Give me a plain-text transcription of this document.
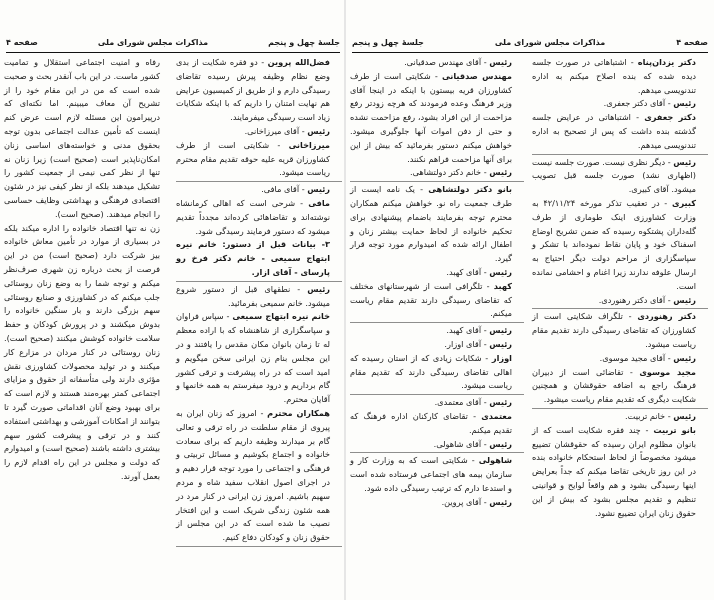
جلسهٔ چهل و پنجم
مذاکرات مجلس شورای ملی
صفحه ۴

فضل‌الله پروین - دو فقره شکایت از بدی وضع نظام وظیفه پیرش رسیده تقاضای رسیدگی دارم و از طریق از کمیسیون عرایض هم نهایت امتنان را داریم که با اینکه شکایات زیاد است رسیدگی میفرمایند.

رئیس - آقای میرزاخانی.

میرزاخانی - شکایتی است از طرف کشاورزان قریه علیه حوقه تقدیم مقام محترم ریاست میشود.

رئیس - آقای مافی.

مافی - شرحی است که اهالی کرمانشاه نوشته‌اند و تقاضاهائی کرده‌اند مجدداً تقدیم میشود که دستور فرمایند رسیدگی شود.

۳- بیانات قبل از دستور: خانم نیره ابتهاج سمیعی - خانم دکتر فرخ رو پارسای - آقای ازار.

رئیس - نطقهای قبل از دستور شروع میشود. خانم سمیعی بفرمائید.

خانم نیره ابتهاج سمیعی - سپاس فراوان و سپاسگزاری از شاهنشاه که با اراده معظم له تا زمان بانوان مکان مقدس را یافتند و در این مجلس بنام زن ایرانی سخن میگویم و امید است که در راه پیشرفت و ترقی کشور گام برداریم و درود میفرستم به همه خانمها و آقایان محترم.

همکاران محترم - امروز که زنان ایران به پیروی از مقام سلطنت در راه ترقی و تعالی گام بر میدارند وظیفه داریم که برای سعادت خانواده و اجتماع بکوشیم و مسائل تربیتی و فرهنگی و اجتماعی را مورد توجه قرار دهیم و در اجرای اصول انقلاب سفید شاه و مردم سهیم باشیم. امروز زن ایرانی در کنار مرد در همه شئون زندگی شریک است و این افتخار نصیب ما شده است که در این مجلس از حقوق زنان و کودکان دفاع کنیم.

رفاه و امنیت اجتماعی استقلال و تمامیت کشور ماست. در این باب آنقدر بحث و صحبت شده است که من در این مقام خود را از تشریح آن معاف میبینم. اما نکته‌ای که درپیرامون این مسئله لازم است عرض کنم اینست که تأمین عدالت اجتماعی بدون توجه بحقوق مدنی و خواسته‌های اساسی زنان امکان‌ناپذیر است (صحیح است) زیرا زنان نه تنها از نظر کمی نیمی از جمعیت کشور را تشکیل میدهند بلکه از نظر کیفی نیز در شئون اقتصادی فرهنگی و بهداشتی وظایف حساسی را انجام میدهند. (صحیح است).

زن نه تنها اقتصاد خانواده را اداره میکند بلکه در بسیاری از موارد در تأمین معاش خانواده بیز شرکت دارد (صحیح است) من در این فرصت از بحث درباره زن شهری صرف‌نظر میکنم و توجه شما را به وضع زنان روستائی جلب میکنم که در کشاورزی و صنایع روستائی سهم بزرگی دارند و بار سنگین خانواده را بدوش میکشند و در پرورش کودکان و حفظ سلامت خانواده کوشش میکنند (صحیح است). زنان روستائی در کنار مردان در مزارع کار میکنند و در تولید محصولات کشاورزی نقش مؤثری دارند ولی متأسفانه از حقوق و مزایای اجتماعی کمتر بهره‌مند هستند و لازم است که برای بهبود وضع آنان اقداماتی صورت گیرد تا بتوانند از امکانات آموزشی و بهداشتی استفاده کنند و در ترقی و پیشرفت کشور سهم بیشتری داشته باشند (صحیح است) و امیدوارم که دولت و مجلس در این راه اقدام لازم را بعمل آورند.

صفحه ۴
مذاکرات مجلس شورای ملی
جلسهٔ چهل و پنجم

دکتر یزدان‌پناه - اشتباهاتی در صورت جلسه دیده شده که بنده اصلاح میکنم به اداره تندنویسی میدهم.

رئیس - آقای دکتر جعفری.

دکتر جعفری - اشتباهاتی در عرایض جلسه گذشته بنده داشت که پس از تصحیح به اداره تندنویسی میدهم.

رئیس - دیگر نظری نیست. صورت جلسه نیست (اظهاری نشد) صورت جلسه قبل تصویب میشود. آقای کبیری.

کبیری - در تعقیب تذکر مورخه ۴۲/۱۱/۲۴ به وزارت کشاورزی اینک طوماری از طرف گله‌داران پشتکوه رسیده که ضمن تشریح اوضاع اسفناک خود و پایان نقاط نموده‌اند با تشکر و سپاسگزاری از مراحم دولت دیگر احتیاج به ارسال علوفه ندارند زیرا اغنام و احشامی نمانده است.

رئیس - آقای دکتر رهنوردی.

دکتر رهنوردی - تلگراف شکایتی است از کشاورزان که تقاضای رسیدگی دارند تقدیم مقام ریاست میشود.

رئیس - آقای مجید موسوی.

مجید موسوی - تقاضائی است از دبیران فرهنگ راجع به اضافه حقوقشان و همچنین شکایت دیگری که تقدیم مقام ریاست میشود.

رئیس - خانم تربیت.

بانو تربیت - چند فقره شکایت است که از بانوان مظلوم ایران رسیده که حقوقشان تضییع میشود مخصوصاً از لحاظ استحکام خانواده بنده در این روز تاریخی تقاضا میکنم که جداً بعرایض اینها رسیدگی بشود و هم واقعاً لوایح و قوانینی تنظیم و تقدیم مجلس بشود که بیش از این حقوق زنان ایران تضییع نشود.

رئیس - آقای مهندس صدقیانی.

مهندس صدقیانی - شکایتی است از طرف کشاورزان قریه بیستون با اینکه در اینجا آقای وزیر فرهنگ وعده فرمودند که هرچه زودتر رفع مزاحمت از این افراد بشود، رفع مزاحمت نشده و حتی از دفن اموات آنها جلوگیری میشود. خواهش میکنم دستور بفرمائید که بیش از این برای آنها مزاحمت فراهم نکنند.

رئیس - خانم دکتر دولتشاهی.

بانو دکتر دولتشاهی - یک نامه ایست از طرف جمعیت راه نو. خواهش میکنم همکاران محترم توجه بفرمایند باضمام پیشنهادی برای تحکیم خانواده از لحاظ حمایت بیشتر زنان و اطفال ارائه شده که امیدوارم مورد توجه قرار گیرد.

رئیس - آقای کهبد.

کهبد - تلگرافی است از شهرستانهای مختلف که تقاضای رسیدگی دارند تقدیم مقام ریاست میکنم.

رئیس - آقای کهبد.

رئیس - آقای اوزار.

اوزار - شکایات زیادی که از استان رسیده که اهالی تقاضای رسیدگی دارند که تقدیم مقام ریاست میشود.

رئیس - آقای معتمدی.

معتمدی - تقاضای کارکنان اداره فرهنگ که تقدیم میکنم.

رئیس - آقای شاهولی.

شاهولی - شکایتی است که به وزارت کار و سازمان بیمه های اجتماعی فرستاده شده است و استدعا دارم که ترتیب رسیدگی داده شود.

رئیس - آقای پروین.
